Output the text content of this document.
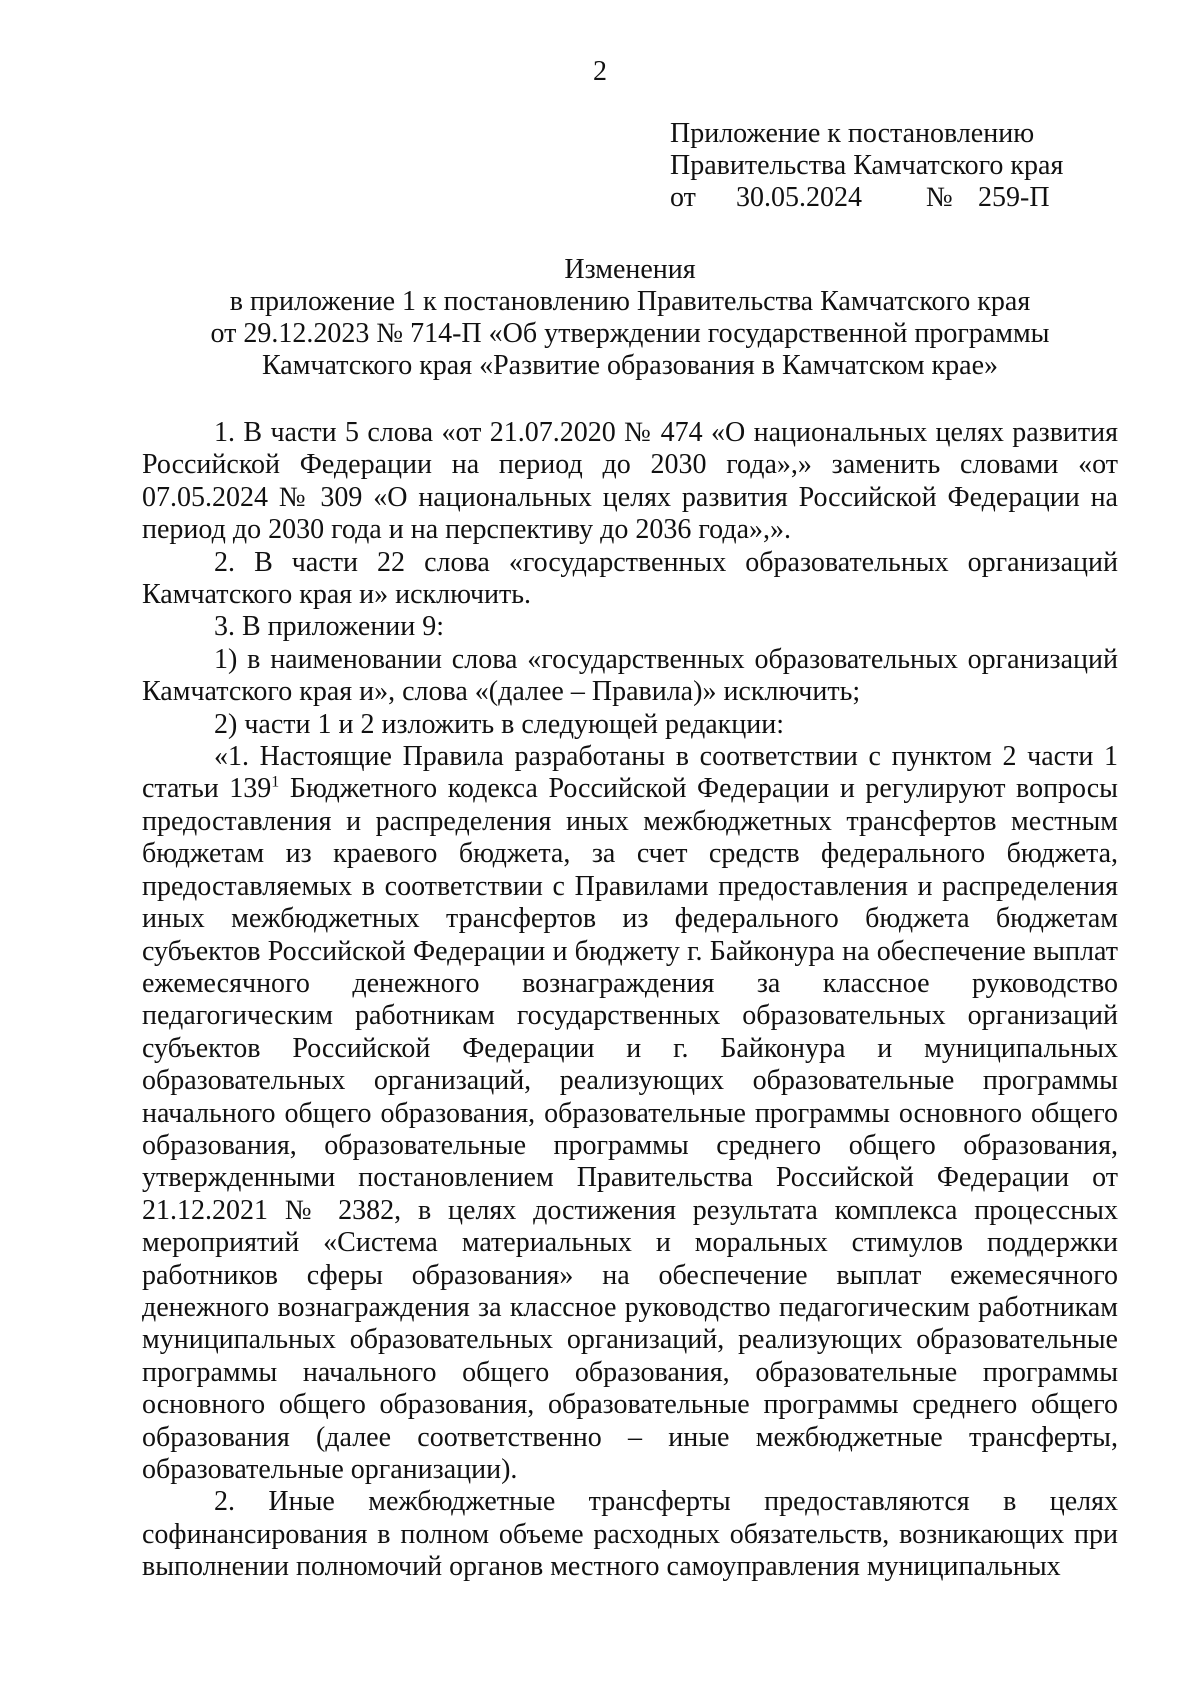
2
Приложение к постановлению
Правительства Камчатского края
от 30.05.2024 № 259-П
Изменения
в приложение 1 к постановлению Правительства Камчатского края
от 29.12.2023 № 714-П «Об утверждении государственной программы
Камчатского края «Развитие образования в Камчатском крае»

1. В части 5 слова «от 21.07.2020 № 474 «О национальных целях развития Российской Федерации на период до 2030 года»,» заменить словами «от 07.05.2024 № 309 «О национальных целях развития Российской Федерации на период до 2030 года и на перспективу до 2036 года»,».

2. В части 22 слова «государственных образовательных организаций Камчатского края и» исключить.

3. В приложении 9:

1) в наименовании слова «государственных образовательных организаций Камчатского края и», слова «(далее – Правила)» исключить;

2) части 1 и 2 изложить в следующей редакции:

«1. Настоящие Правила разработаны в соответствии с пунктом 2 части 1 статьи $139^1$ Бюджетного кодекса Российской Федерации и регулируют вопросы предоставления и распределения иных межбюджетных трансфертов местным бюджетам из краевого бюджета, за счет средств федерального бюджета, предоставляемых в соответствии с Правилами предоставления и распределения иных межбюджетных трансфертов из федерального бюджета бюджетам субъектов Российской Федерации и бюджету г. Байконура на обеспечение выплат ежемесячного денежного вознаграждения за классное руководство педагогическим работникам государственных образовательных организаций субъектов Российской Федерации и г. Байконура и муниципальных образовательных организаций, реализующих образовательные программы начального общего образования, образовательные программы основного общего образования, образовательные программы среднего общего образования, утвержденными постановлением Правительства Российской Федерации от 21.12.2021 № 2382, в целях достижения результата комплекса процессных мероприятий «Система материальных и моральных стимулов поддержки работников сферы образования» на обеспечение выплат ежемесячного денежного вознаграждения за классное руководство педагогическим работникам муниципальных образовательных организаций, реализующих образовательные программы начального общего образования, образовательные программы основного общего образования, образовательные программы среднего общего образования (далее соответственно – иные межбюджетные трансферты, образовательные организации).

2. Иные межбюджетные трансферты предоставляются в целях софинансирования в полном объеме расходных обязательств, возникающих при выполнении полномочий органов местного самоуправления муниципальных
